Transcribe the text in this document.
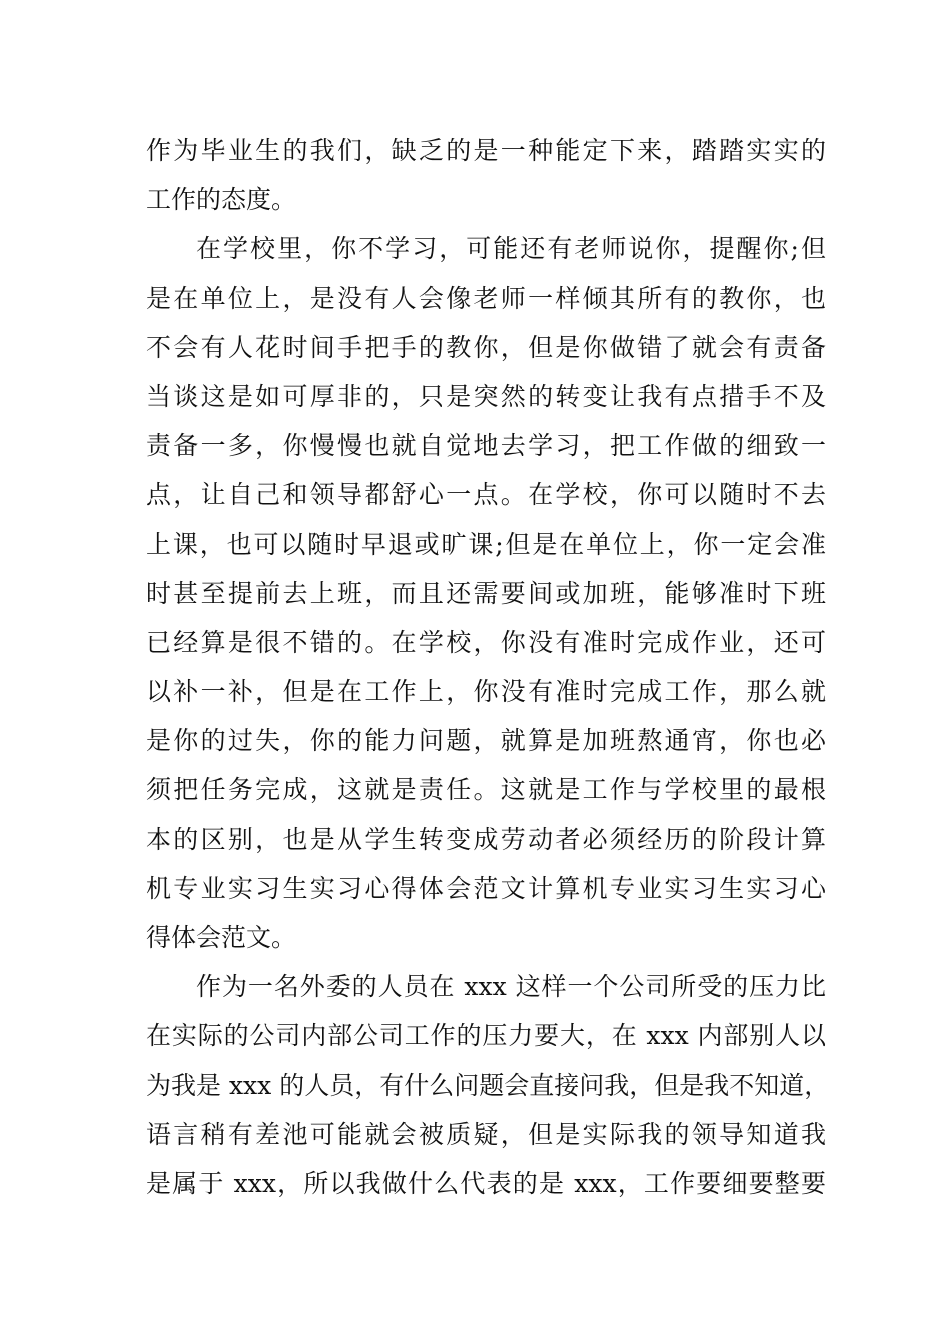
作为毕业生的我们，缺乏的是一种能定下来，踏踏实实的
工作的态度。
在学校里，你不学习，可能还有老师说你，提醒你;但
是在单位上，是没有人会像老师一样倾其所有的教你，也
不会有人花时间手把手的教你，但是你做错了就会有责备
当谈这是如可厚非的，只是突然的转变让我有点措手不及
责备一多，你慢慢也就自觉地去学习，把工作做的细致一
点，让自己和领导都舒心一点。在学校，你可以随时不去
上课，也可以随时早退或旷课;但是在单位上，你一定会准
时甚至提前去上班，而且还需要间或加班，能够准时下班
已经算是很不错的。在学校，你没有准时完成作业，还可
以补一补，但是在工作上，你没有准时完成工作，那么就
是你的过失，你的能力问题，就算是加班熬通宵，你也必
须把任务完成，这就是责任。这就是工作与学校里的最根
本的区别，也是从学生转变成劳动者必须经历的阶段计算
机专业实习生实习心得体会范文计算机专业实习生实习心
得体会范文。
作为一名外委的人员在 xxx 这样一个公司所受的压力比
在实际的公司内部公司工作的压力要大，在 xxx 内部别人以
为我是 xxx 的人员，有什么问题会直接问我，但是我不知道，
语言稍有差池可能就会被质疑，但是实际我的领导知道我
是属于 xxx，所以我做什么代表的是 xxx，工作要细要整要
